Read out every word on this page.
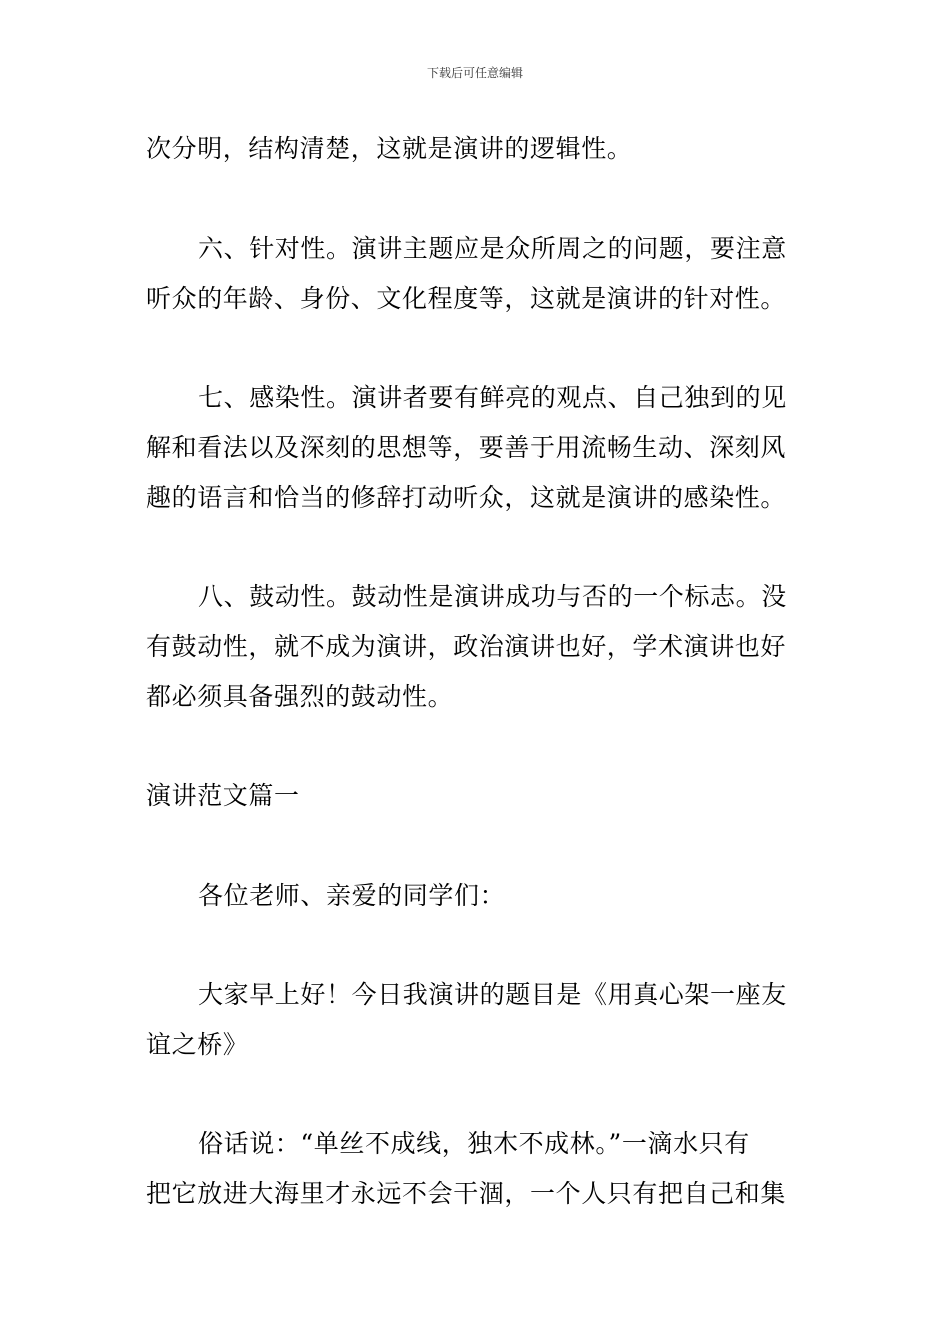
下载后可任意编辑
次分明，结构清楚，这就是演讲的逻辑性。
六、针对性。演讲主题应是众所周之的问题，要注意
听众的年龄、身份、文化程度等，这就是演讲的针对性。
七、感染性。演讲者要有鲜亮的观点、自己独到的见
解和看法以及深刻的思想等，要善于用流畅生动、深刻风
趣的语言和恰当的修辞打动听众，这就是演讲的感染性。
八、鼓动性。鼓动性是演讲成功与否的一个标志。没
有鼓动性，就不成为演讲，政治演讲也好，学术演讲也好
都必须具备强烈的鼓动性。
演讲范文篇一
各位老师、亲爱的同学们：
大家早上好！今日我演讲的题目是《用真心架一座友
谊之桥》
俗话说：“单丝不成线，独木不成林。”一滴水只有
把它放进大海里才永远不会干涸，一个人只有把自己和集
